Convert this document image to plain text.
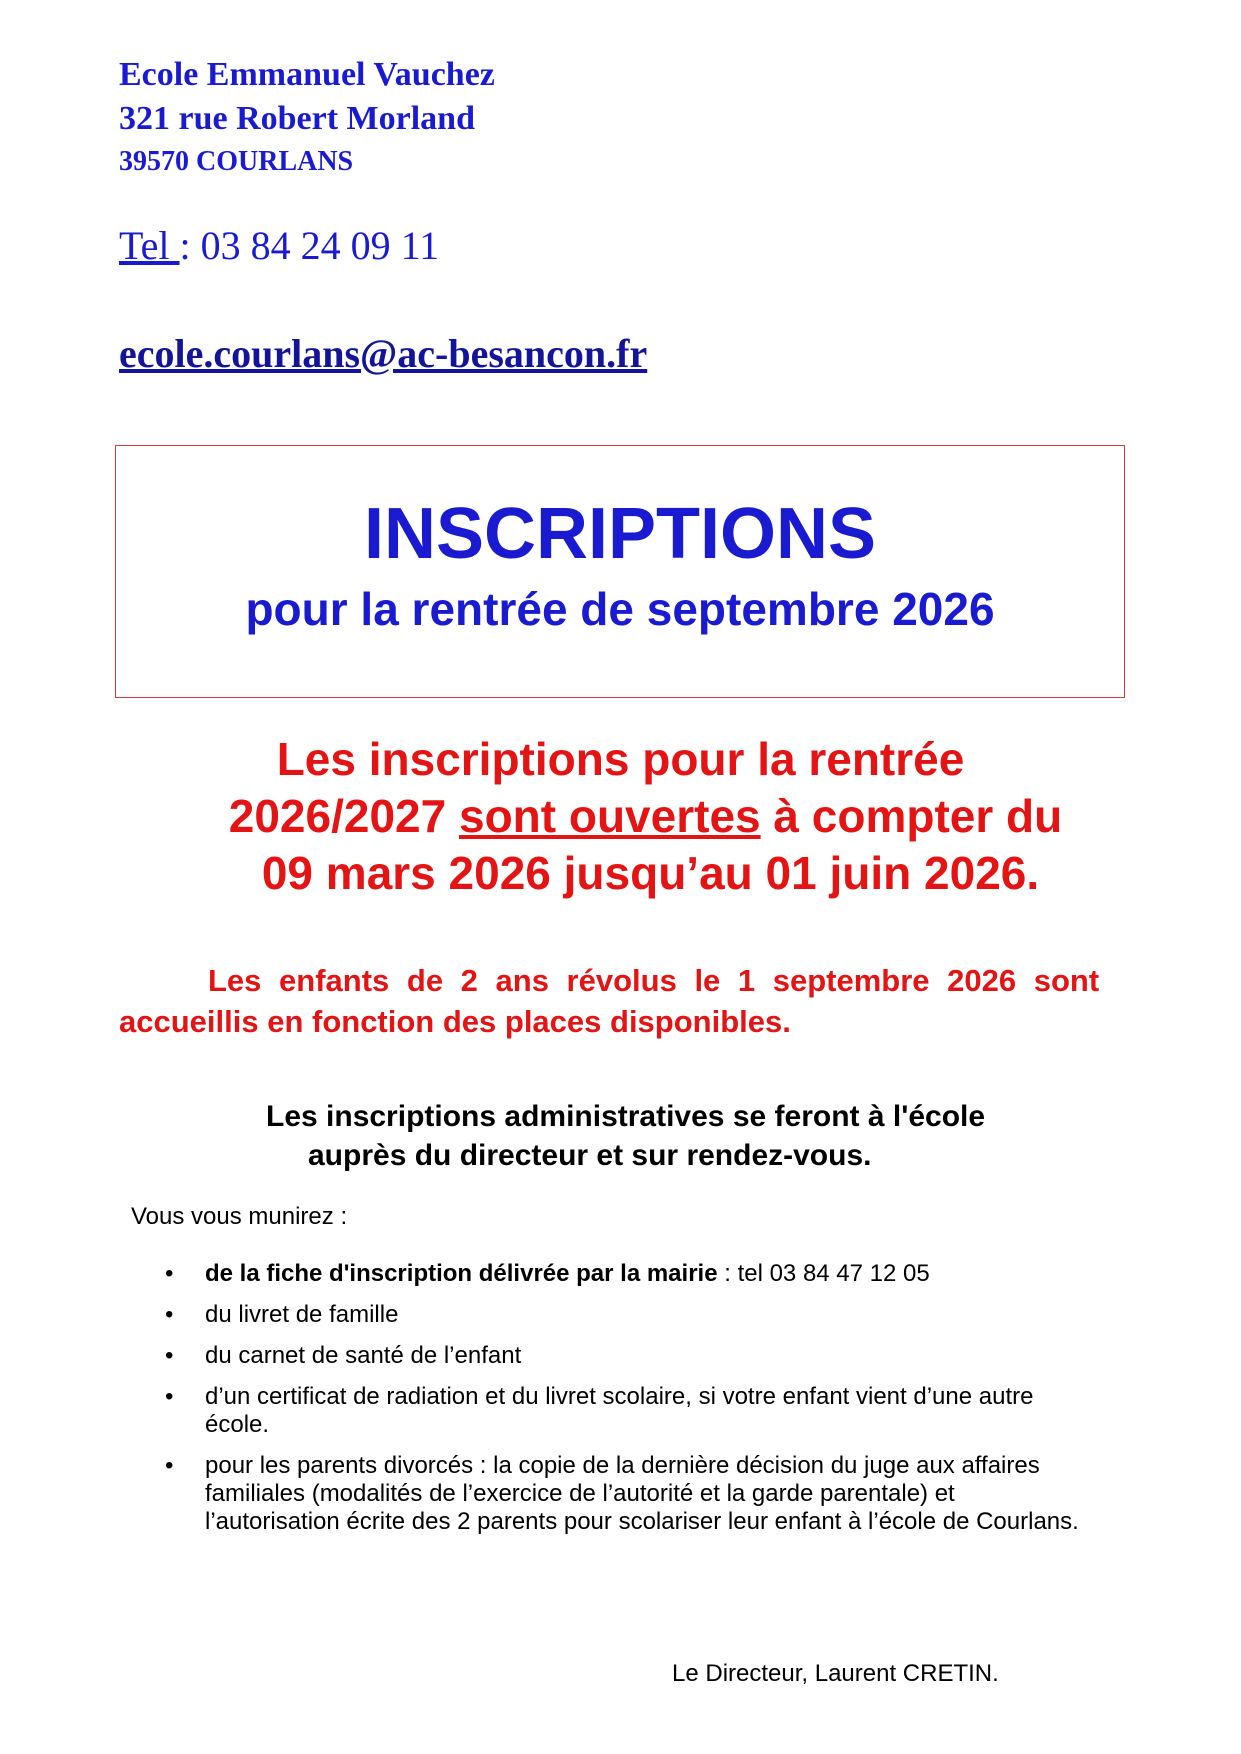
Ecole Emmanuel Vauchez
321 rue Robert Morland
39570 COURLANS
Tel : 03 84 24 09 11
ecole.courlans@ac-besancon.fr
INSCRIPTIONS
pour la rentrée de septembre 2026
Les inscriptions pour la rentrée
2026/2027 sont ouvertes à compter du
09 mars 2026 jusqu’au 01 juin 2026.
Les enfants de 2 ans révolus le 1 septembre 2026 sont
accueillis en fonction des places disponibles.
Les inscriptions administratives se feront à l'école
auprès du directeur et sur rendez-vous.
Vous vous munirez :
• de la fiche d'inscription délivrée par la mairie : tel 03 84 47 12 05
• du livret de famille
• du carnet de santé de l’enfant
• d’un certificat de radiation et du livret scolaire, si votre enfant vient d’une autre
école.
• pour les parents divorcés : la copie de la dernière décision du juge aux affaires
familiales (modalités de l’exercice de l’autorité et la garde parentale) et
l’autorisation écrite des 2 parents pour scolariser leur enfant à l’école de Courlans.
Le Directeur, Laurent CRETIN.
